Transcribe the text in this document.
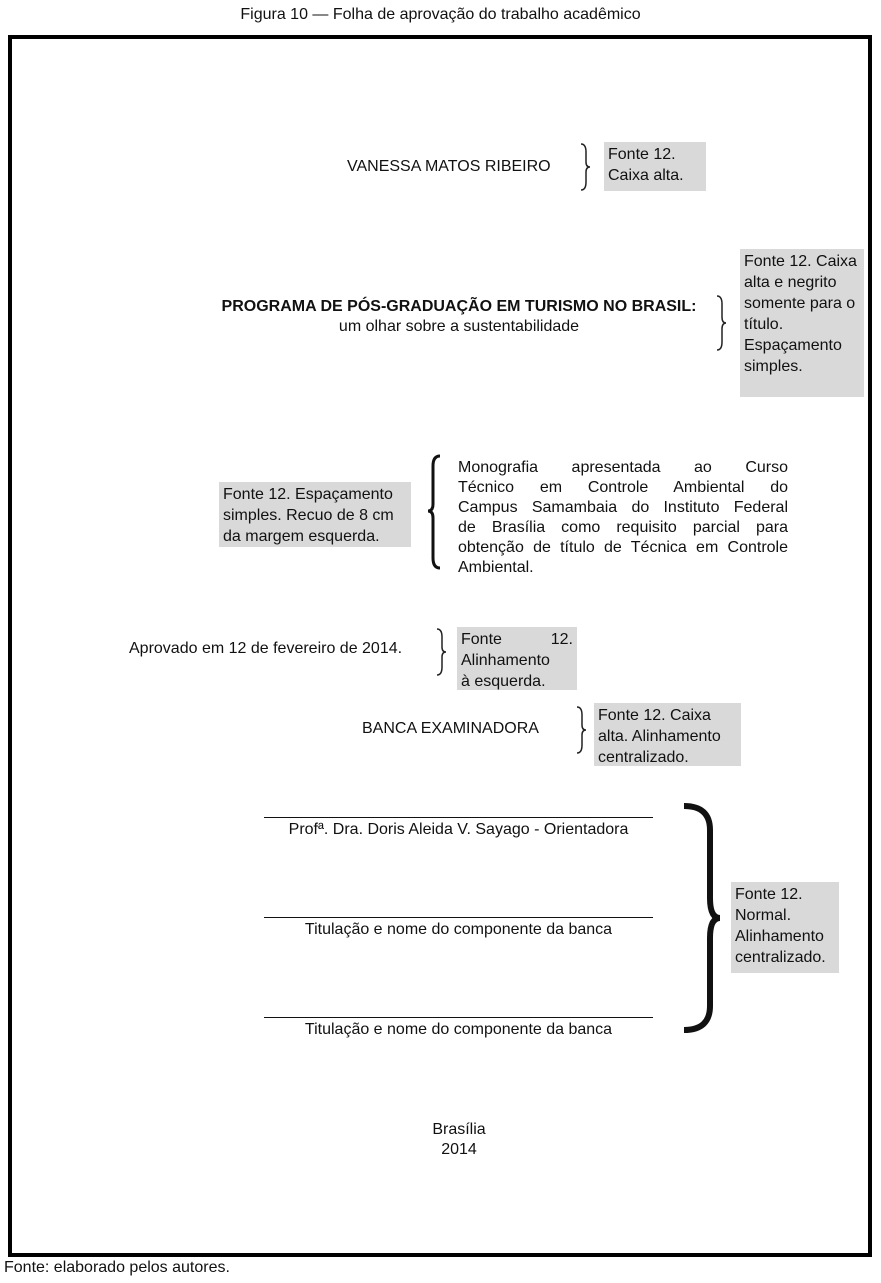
Figura 10 — Folha de aprovação do trabalho acadêmico
VANESSA MATOS RIBEIRO
Fonte 12.
Caixa alta.
PROGRAMA DE PÓS-GRADUAÇÃO EM TURISMO NO BRASIL:
um olhar sobre a sustentabilidade
Fonte 12. Caixa
alta e negrito
somente para o
título.
Espaçamento
simples.
Fonte 12. Espaçamento
simples. Recuo de 8 cm
da margem esquerda.
Monografia apresentada ao Curso
Técnico em Controle Ambiental do
Campus Samambaia do Instituto Federal
de Brasília como requisito parcial para
obtenção de título de Técnica em Controle
Ambiental.
Aprovado em 12 de fevereiro de 2014.
Fonte 12.
Alinhamento
à esquerda.
BANCA EXAMINADORA
Fonte 12. Caixa
alta. Alinhamento
centralizado.
Profª. Dra. Doris Aleida V. Sayago - Orientadora
Titulação e nome do componente da banca
Titulação e nome do componente da banca
Fonte 12.
Normal.
Alinhamento
centralizado.
Brasília
2014
Fonte: elaborado pelos autores.
